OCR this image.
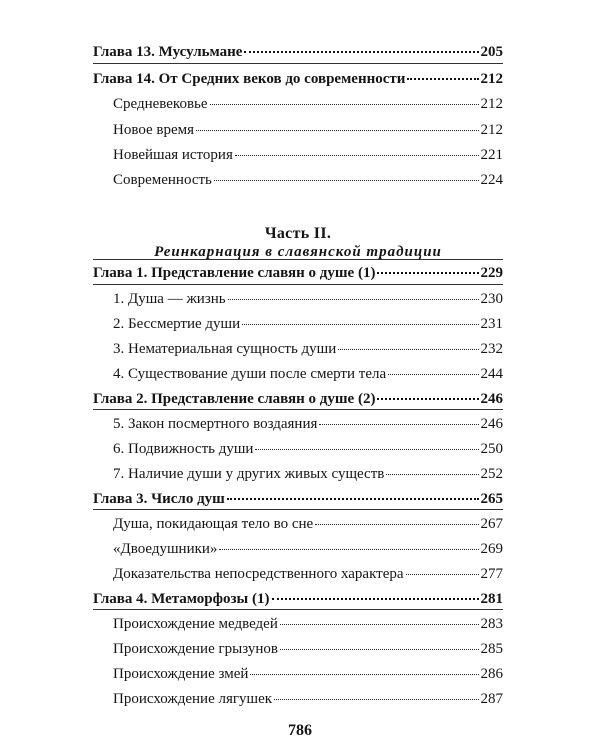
Глава 13. Мусульмане	205
Глава 14. От Средних веков до современности	212
Средневековье	212
Новое время	212
Новейшая история	221
Современность	224
Часть II.
Реинкарнация в славянской традиции
Глава 1. Представление славян о душе (1)	229
1. Душа — жизнь	230
2. Бессмертие души	231
3. Нематериальная сущность души	232
4. Существование души после смерти тела	244
Глава 2. Представление славян о душе (2)	246
5. Закон посмертного воздаяния	246
6. Подвижность души	250
7. Наличие души у других живых существ	252
Глава 3. Число душ	265
Душа, покидающая тело во сне	267
«Двоедушники»	269
Доказательства непосредственного характера	277
Глава 4. Метаморфозы (1)	281
Происхождение медведей	283
Происхождение грызунов	285
Происхождение змей	286
Происхождение лягушек	287
786
